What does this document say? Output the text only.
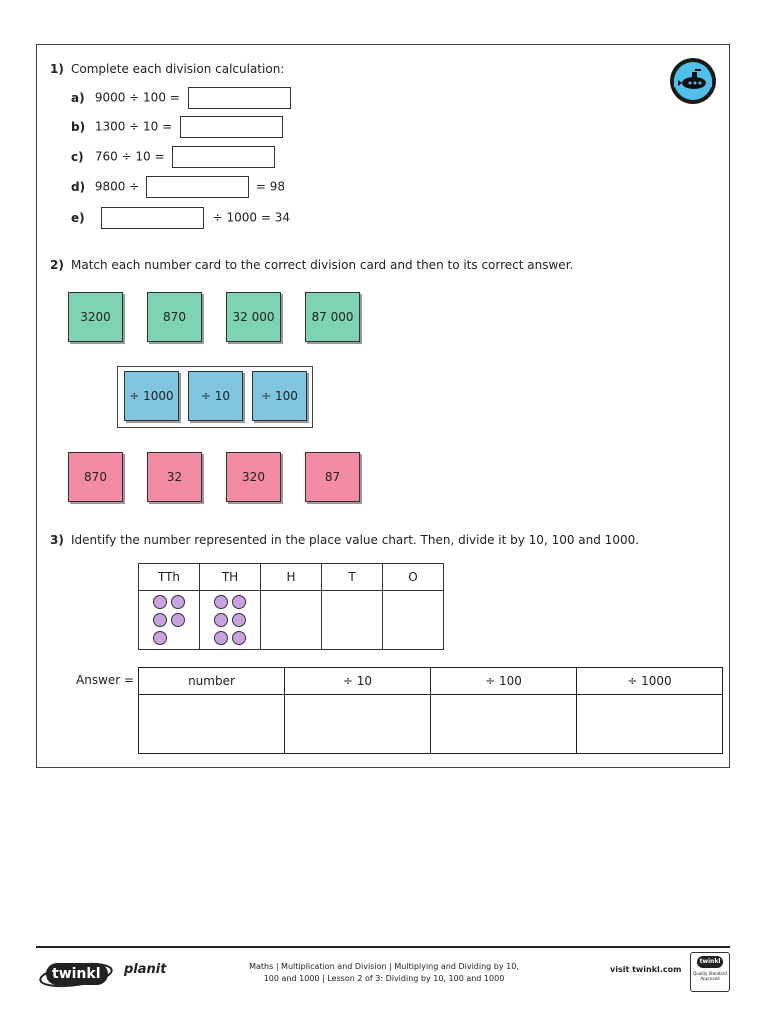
1) Complete each division calculation:
a) 9000 ÷ 100 =
b) 1300 ÷ 10 =
c) 760 ÷ 10 =
d) 9800 ÷	= 98
e)	÷ 1000 = 34
2) Match each number card to the correct division card and then to its correct answer.
3200	870	32 000	87 000
÷ 1000	÷ 10	÷ 100
870	32	320	87
3) Identify the number represented in the place value chart. Then, divide it by 10, 100 and 1000.
TTh	TH	H	T	O

Answer =	number	÷ 10	÷ 100	÷ 1000

twinkl planit	Maths | Multiplication and Division | Multiplying and Dividing by 10,
100 and 1000 | Lesson 2 of 3: Dividing by 10, 100 and 1000
visit twinkl.com
twinkl
Quality Standard Approved
